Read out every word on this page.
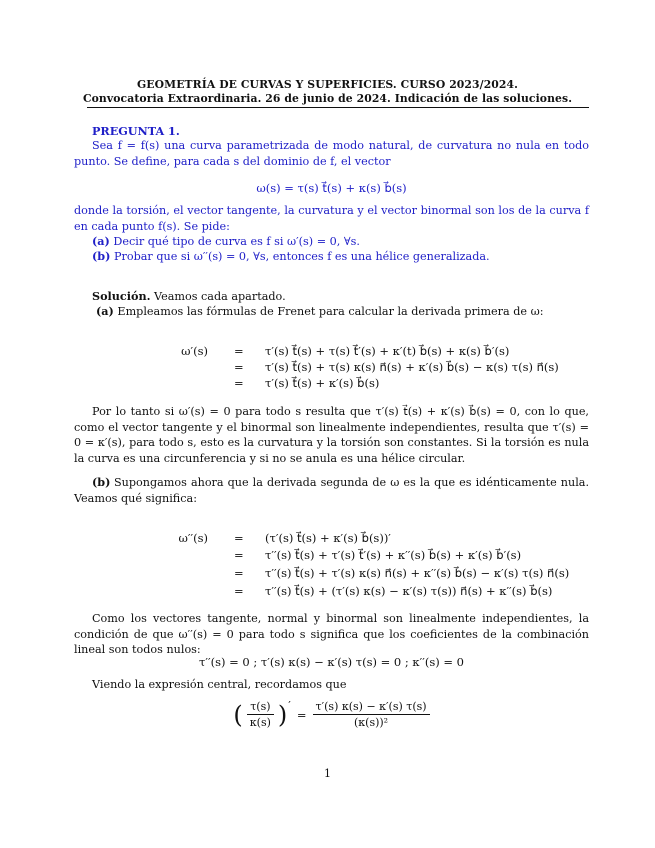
GEOMETRÍA DE CURVAS Y SUPERFICIES. CURSO 2023/2024.
Convocatoria Extraordinaria. 26 de junio de 2024. Indicación de las soluciones.
PREGUNTA 1.

Sea f = f(s) una curva parametrizada de modo natural, de curvatura no nula en todo punto. Se define, para cada s del dominio de f, el vector

ω(s) = τ(s) t⃗(s) + κ(s) b⃗(s)

donde la torsión, el vector tangente, la curvatura y el vector binormal son los de la curva f en cada punto f(s). Se pide:

(a) Decir qué tipo de curva es f si ω′(s) = 0, ∀s.
(b) Probar que si ω′′(s) = 0, ∀s, entonces f es una hélice generalizada.
Solución. Veamos cada apartado.
(a) Empleamos las fórmulas de Frenet para calcular la derivada primera de ω:
ω′(s) = τ′(s) t⃗(s) + τ(s) t⃗′(s) + κ′(t) b⃗(s) + κ(s) b⃗′(s)
= τ′(s) t⃗(s) + τ(s) κ(s) n⃗(s) + κ′(s) b⃗(s) − κ(s) τ(s) n⃗(s)
= τ′(s) t⃗(s) + κ′(s) b⃗(s)

Por lo tanto si ω′(s) = 0 para todo s resulta que τ′(s) t⃗(s) + κ′(s) b⃗(s) = 0, con lo que, como el vector tangente y el binormal son linealmente independientes, resulta que τ′(s) = 0 = κ′(s), para todo s, esto es la curvatura y la torsión son constantes. Si la torsión es nula la curva es una circunferencia y si no se anula es una hélice circular.

(b) Supongamos ahora que la derivada segunda de ω es la que es idénticamente nula. Veamos qué significa:

ω′′(s) = (τ′(s) t⃗(s) + κ′(s) b⃗(s))′
= τ′′(s) t⃗(s) + τ′(s) t⃗′(s) + κ′′(s) b⃗(s) + κ′(s) b⃗′(s)
= τ′′(s) t⃗(s) + τ′(s) κ(s) n⃗(s) + κ′′(s) b⃗(s) − κ′(s) τ(s) n⃗(s)
= τ′′(s) t⃗(s) + (τ′(s) κ(s) − κ′(s) τ(s)) n⃗(s) + κ′′(s) b⃗(s)

Como los vectores tangente, normal y binormal son linealmente independientes, la condición de que ω′′(s) = 0 para todo s significa que los coeficientes de la combinación lineal son todos nulos:

τ′′(s) = 0 ; τ′(s) κ(s) − κ′(s) τ(s) = 0 ; κ′′(s) = 0

Viendo la expresión central, recordamos que

( $\frac{\tau(s)}{\kappa(s)}$ ) ′
= $\frac{\tau'(s) \kappa(s) - \kappa'(s) \tau(s)}{\text{(κ(s))²}}$
1
